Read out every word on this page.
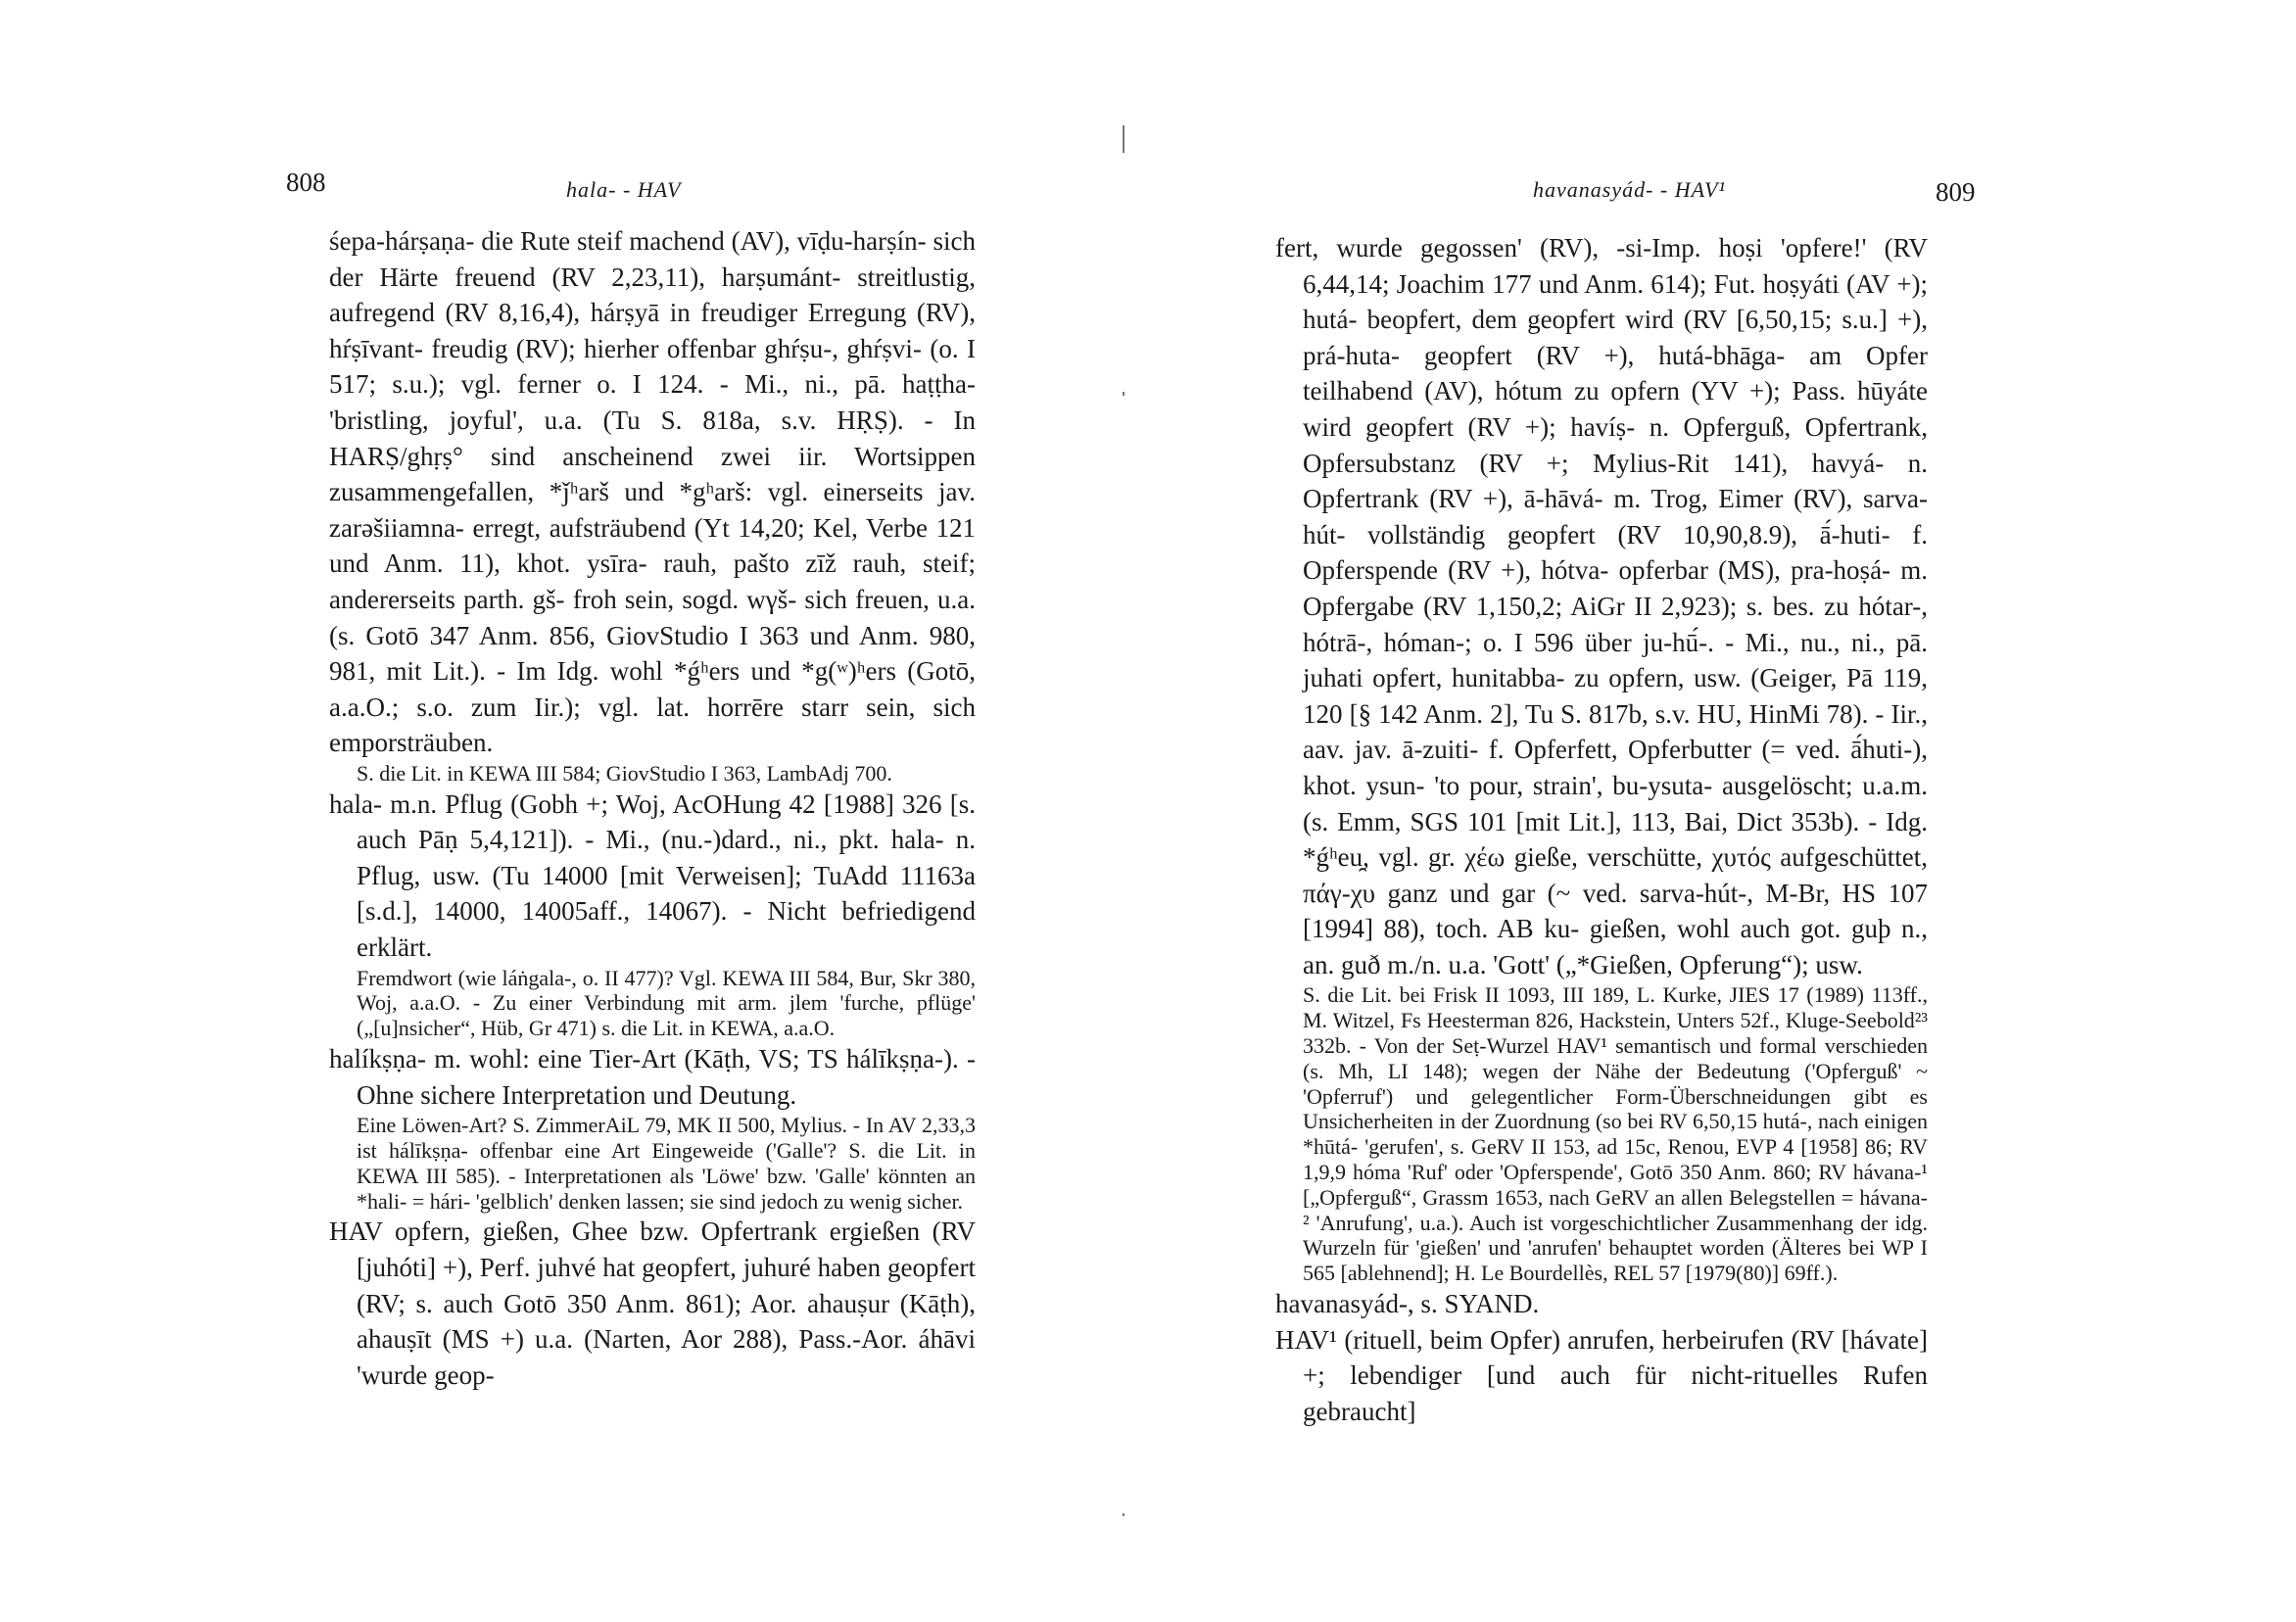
808	hala- - HAV

śepa-hárṣaṇa- die Rute steif machend (AV), vīḍu-harṣín- sich der Härte freuend (RV 2,23,11), harṣumánt- streitlustig, aufregend (RV 8,16,4), hárṣyā in freudiger Erregung (RV), hŕṣīvant- freudig (RV); hierher offenbar ghŕṣu-, ghŕṣvi- (o. I 517; s.u.); vgl. ferner o. I 124. - Mi., ni., pā. haṭṭha- 'bristling, joyful', u.a. (Tu S. 818a, s.v. HṚṢ). - In HARṢ/ghṛṣ° sind anscheinend zwei iir. Wortsippen zusammengefallen, *ǰʰarš und *gʰarš: vgl. einerseits jav. zarəšiiamna- erregt, aufsträubend (Yt 14,20; Kel, Verbe 121 und Anm. 11), khot. ysīra- rauh, pašto zīž rauh, steif; andererseits parth. gš- froh sein, sogd. wγš- sich freuen, u.a. (s. Gotō 347 Anm. 856, GiovStudio I 363 und Anm. 980, 981, mit Lit.). - Im Idg. wohl *ǵʰers und *g(ʷ)ʰers (Gotō, a.a.O.; s.o. zum Iir.); vgl. lat. horrēre starr sein, sich emporsträuben.

S. die Lit. in KEWA III 584; GiovStudio I 363, LambAdj 700.

hala- m.n. Pflug (Gobh +; Woj, AcOHung 42 [1988] 326 [s. auch Pāṇ 5,4,121]). - Mi., (nu.-)dard., ni., pkt. hala- n. Pflug, usw. (Tu 14000 [mit Verweisen]; TuAdd 11163a [s.d.], 14000, 14005aff., 14067). - Nicht befriedigend erklärt.

Fremdwort (wie láṅgala-, o. II 477)? Vgl. KEWA III 584, Bur, Skr 380, Woj, a.a.O. - Zu einer Verbindung mit arm. jlem 'furche, pflüge' („[u]nsicher“, Hüb, Gr 471) s. die Lit. in KEWA, a.a.O.

halíkṣṇa- m. wohl: eine Tier-Art (Kāṭh, VS; TS hálīkṣṇa-). - Ohne sichere Interpretation und Deutung.

Eine Löwen-Art? S. ZimmerAiL 79, MK II 500, Mylius. - In AV 2,33,3 ist hálīkṣṇa- offenbar eine Art Eingeweide ('Galle'? S. die Lit. in KEWA III 585). - Interpretationen als 'Löwe' bzw. 'Galle' könnten an *hali- = hári- 'gelblich' denken lassen; sie sind jedoch zu wenig sicher.

HAV opfern, gießen, Ghee bzw. Opfertrank ergießen (RV [juhóti] +), Perf. juhvé hat geopfert, juhuré haben geopfert (RV; s. auch Gotō 350 Anm. 861); Aor. ahauṣur (Kāṭh), ahauṣīt (MS +) u.a. (Narten, Aor 288), Pass.-Aor. áhāvi 'wurde geop-

havanasyád- - HAV¹	809

fert, wurde gegossen' (RV), -si-Imp. hoṣi 'opfere!' (RV 6,44,14; Joachim 177 und Anm. 614); Fut. hoṣyáti (AV +); hutá- beopfert, dem geopfert wird (RV [6,50,15; s.u.] +), prá-huta- geopfert (RV +), hutá-bhāga- am Opfer teilhabend (AV), hótum zu opfern (YV +); Pass. hūyáte wird geopfert (RV +); havíṣ- n. Opferguß, Opfertrank, Opfersubstanz (RV +; Mylius-Rit 141), havyá- n. Opfertrank (RV +), ā-hāvá- m. Trog, Eimer (RV), sarva-hút- vollständig geopfert (RV 10,90,8.9), ā́-huti- f. Opferspende (RV +), hótva- opferbar (MS), pra-hoṣá- m. Opfergabe (RV 1,150,2; AiGr II 2,923); s. bes. zu hótar-, hótrā-, hóman-; o. I 596 über ju-hū́-. - Mi., nu., ni., pā. juhati opfert, hunitabba- zu opfern, usw. (Geiger, Pā 119, 120 [§ 142 Anm. 2], Tu S. 817b, s.v. HU, HinMi 78). - Iir., aav. jav. ā-zuiti- f. Opferfett, Opferbutter (= ved. ā́huti-), khot. ysun- 'to pour, strain', bu-ysuta- ausgelöscht; u.a.m. (s. Emm, SGS 101 [mit Lit.], 113, Bai, Dict 353b). - Idg. *ǵʰeu̯, vgl. gr. χέω gieße, verschütte, χυτός aufgeschüttet, πάγ-χυ ganz und gar (~ ved. sarva-hút-, M-Br, HS 107 [1994] 88), toch. AB ku- gießen, wohl auch got. guþ n., an. guð m./n. u.a. 'Gott' („*Gießen, Opferung“); usw.

S. die Lit. bei Frisk II 1093, III 189, L. Kurke, JIES 17 (1989) 113ff., M. Witzel, Fs Heesterman 826, Hackstein, Unters 52f., Kluge-Seebold²³ 332b. - Von der Seṭ-Wurzel HAV¹ semantisch und formal verschieden (s. Mh, LI 148); wegen der Nähe der Bedeutung ('Opferguß' ~ 'Opferruf') und gelegentlicher Form-Überschneidungen gibt es Unsicherheiten in der Zuordnung (so bei RV 6,50,15 hutá-, nach einigen *hūtá- 'gerufen', s. GeRV II 153, ad 15c, Renou, EVP 4 [1958] 86; RV 1,9,9 hóma 'Ruf' oder 'Opferspende', Gotō 350 Anm. 860; RV hávana-¹ [„Opferguß“, Grassm 1653, nach GeRV an allen Belegstellen = hávana-² 'Anrufung', u.a.). Auch ist vorgeschichtlicher Zusammenhang der idg. Wurzeln für 'gießen' und 'anrufen' behauptet worden (Älteres bei WP I 565 [ablehnend]; H. Le Bourdellès, REL 57 [1979(80)] 69ff.).

havanasyád-, s. SYAND.

HAV¹ (rituell, beim Opfer) anrufen, herbeirufen (RV [hávate] +; lebendiger [und auch für nicht-rituelles Rufen gebraucht]
